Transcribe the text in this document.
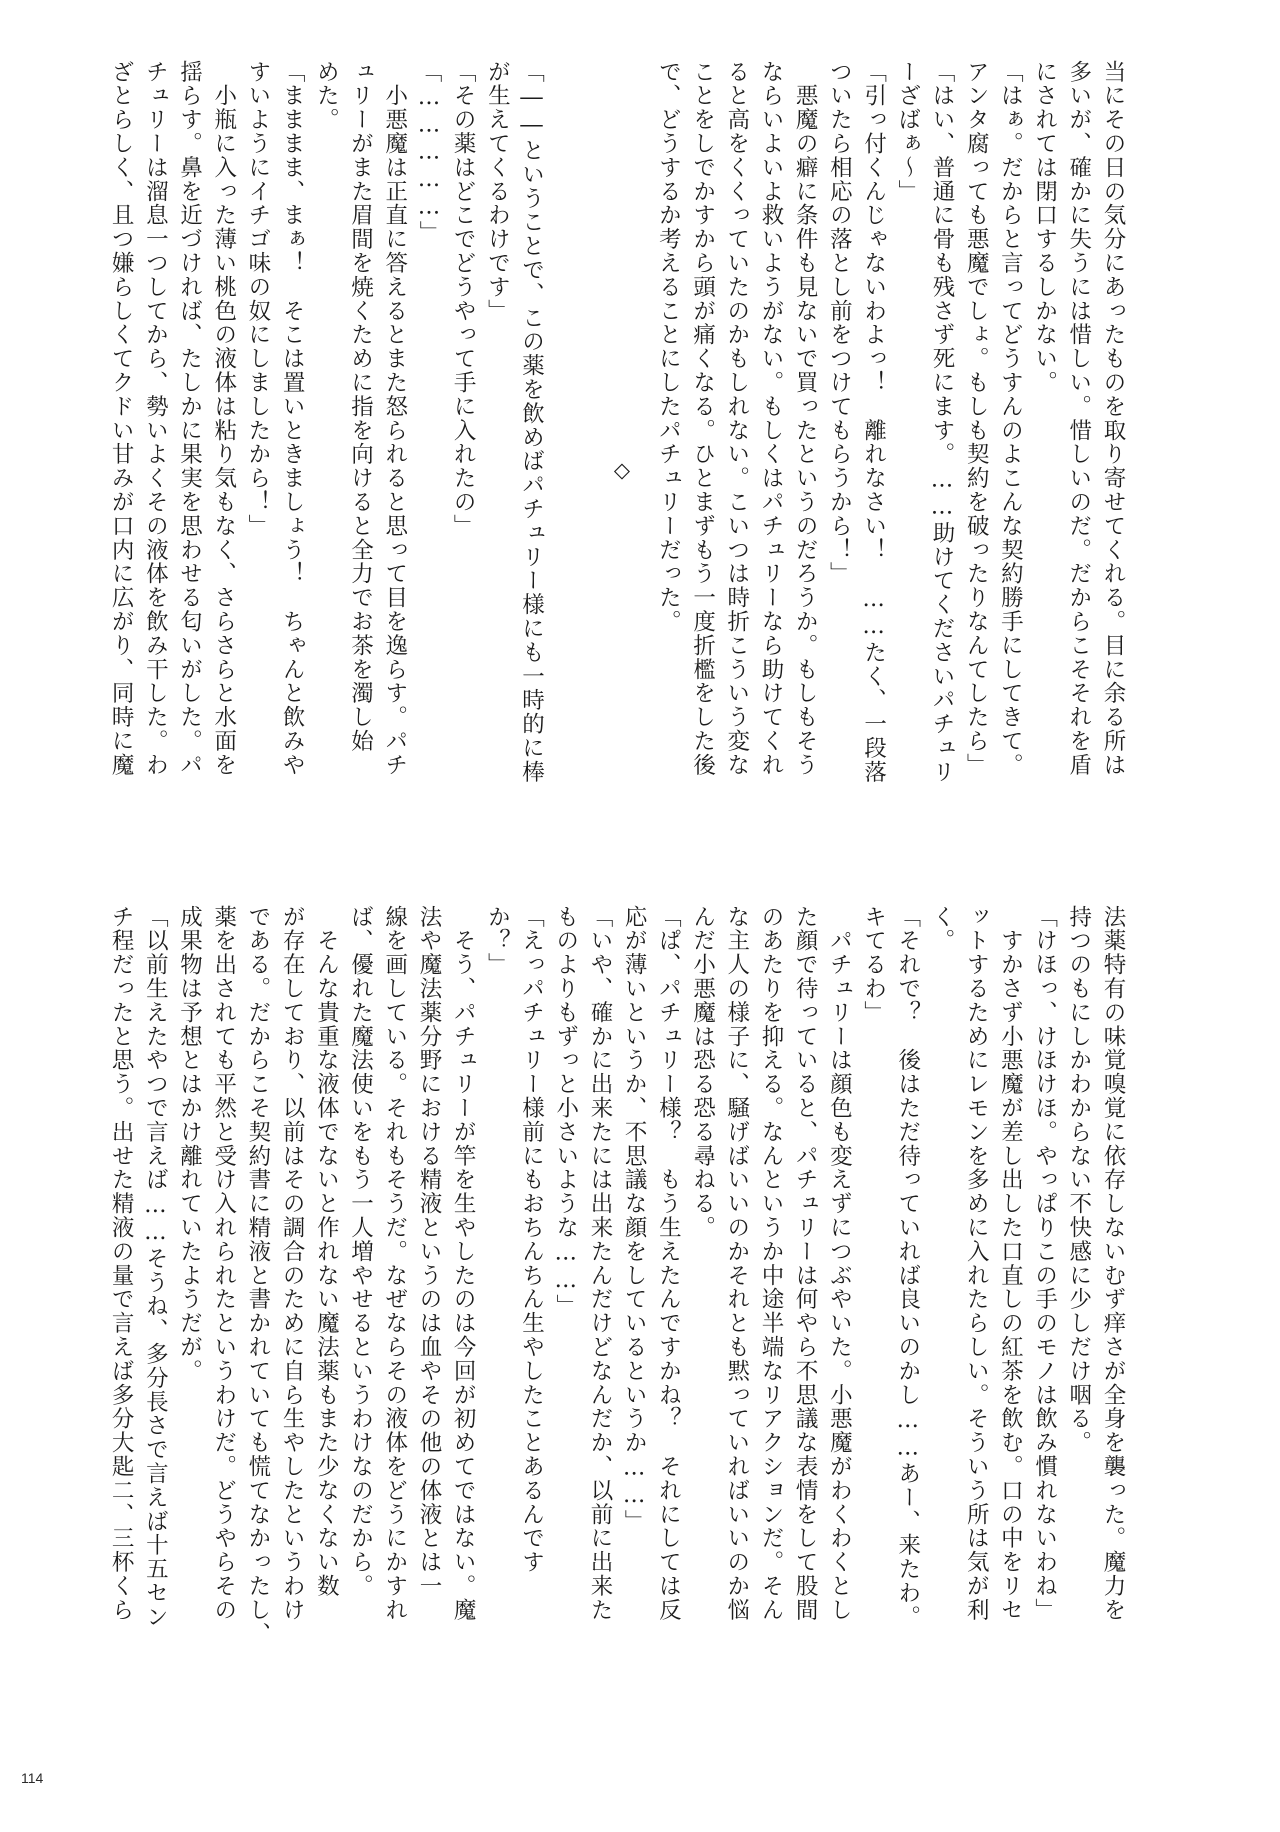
当にその日の気分にあったものを取り寄せてくれる。目に余る所は
多いが、確かに失うには惜しい。惜しいのだ。だからこそそれを盾
にされては閉口するしかない。
「はぁ。だからと言ってどうすんのよこんな契約勝手にしてきて。
アンタ腐っても悪魔でしょ。もしも契約を破ったりなんてしたら」
「はい、普通に骨も残さず死にます。……助けてくださいパチュリ
ーざばぁ～」
「引っ付くんじゃないわよっ！　離れなさい！　……たく、一段落
ついたら相応の落とし前をつけてもらうから！」
　悪魔の癖に条件も見ないで買ったというのだろうか。もしもそう
ならいよいよ救いようがない。もしくはパチュリーなら助けてくれ
ると高をくくっていたのかもしれない。こいつは時折こういう変な
ことをしでかすから頭が痛くなる。ひとまずもう一度折檻をした後
で、どうするか考えることにしたパチュリーだった。

「――ということで、この薬を飲めばパチュリー様にも一時的に棒
が生えてくるわけです」
「その薬はどこでどうやって手に入れたの」
「……………」
　小悪魔は正直に答えるとまた怒られると思って目を逸らす。パチ
ュリーがまた眉間を焼くために指を向けると全力でお茶を濁し始
めた。
「まままま、まぁ！　そこは置いときましょう！　ちゃんと飲みや
すいようにイチゴ味の奴にしましたから！」
　小瓶に入った薄い桃色の液体は粘り気もなく、さらさらと水面を
揺らす。鼻を近づければ、たしかに果実を思わせる匂いがした。パ
チュリーは溜息一つしてから、勢いよくその液体を飲み干した。わ
ざとらしく、且つ嫌らしくてクドい甘みが口内に広がり、同時に魔	◇
法薬特有の味覚嗅覚に依存しないむず痒さが全身を襲った。魔力を
持つのもにしかわからない不快感に少しだけ咽る。
「けほっ、けほけほ。やっぱりこの手のモノは飲み慣れないわね」
　すかさず小悪魔が差し出した口直しの紅茶を飲む。口の中をリセ
ットするためにレモンを多めに入れたらしい。そういう所は気が利
く。
「それで？　後はただ待っていれば良いのかし……あー、来たわ。
キてるわ」
　パチュリーは顔色も変えずにつぶやいた。小悪魔がわくわくとし
た顔で待っていると、パチュリーは何やら不思議な表情をして股間
のあたりを抑える。なんというか中途半端なリアクションだ。そん
な主人の様子に、騒げばいいのかそれとも黙っていればいいのか悩
んだ小悪魔は恐る恐る尋ねる。
「ぱ、パチュリー様？　もう生えたんですかね？　それにしては反
応が薄いというか、不思議な顔をしているというか……」
「いや、確かに出来たには出来たんだけどなんだか、以前に出来た
ものよりもずっと小さいような……」
「えっパチュリー様前にもおちんちん生やしたことあるんです
か？」
　そう、パチュリーが竿を生やしたのは今回が初めてではない。魔
法や魔法薬分野における精液というのは血やその他の体液とは一
線を画している。それもそうだ。なぜならその液体をどうにかすれ
ば、優れた魔法使いをもう一人増やせるというわけなのだから。
　そんな貴重な液体でないと作れない魔法薬もまた少なくない数
が存在しており、以前はその調合のために自ら生やしたというわけ
である。だからこそ契約書に精液と書かれていても慌てなかったし、
薬を出されても平然と受け入れられたというわけだ。どうやらその
成果物は予想とはかけ離れていたようだが。
「以前生えたやつで言えば……そうね、多分長さで言えば十五セン
チ程だったと思う。出せた精液の量で言えば多分大匙二、三杯くら
114
